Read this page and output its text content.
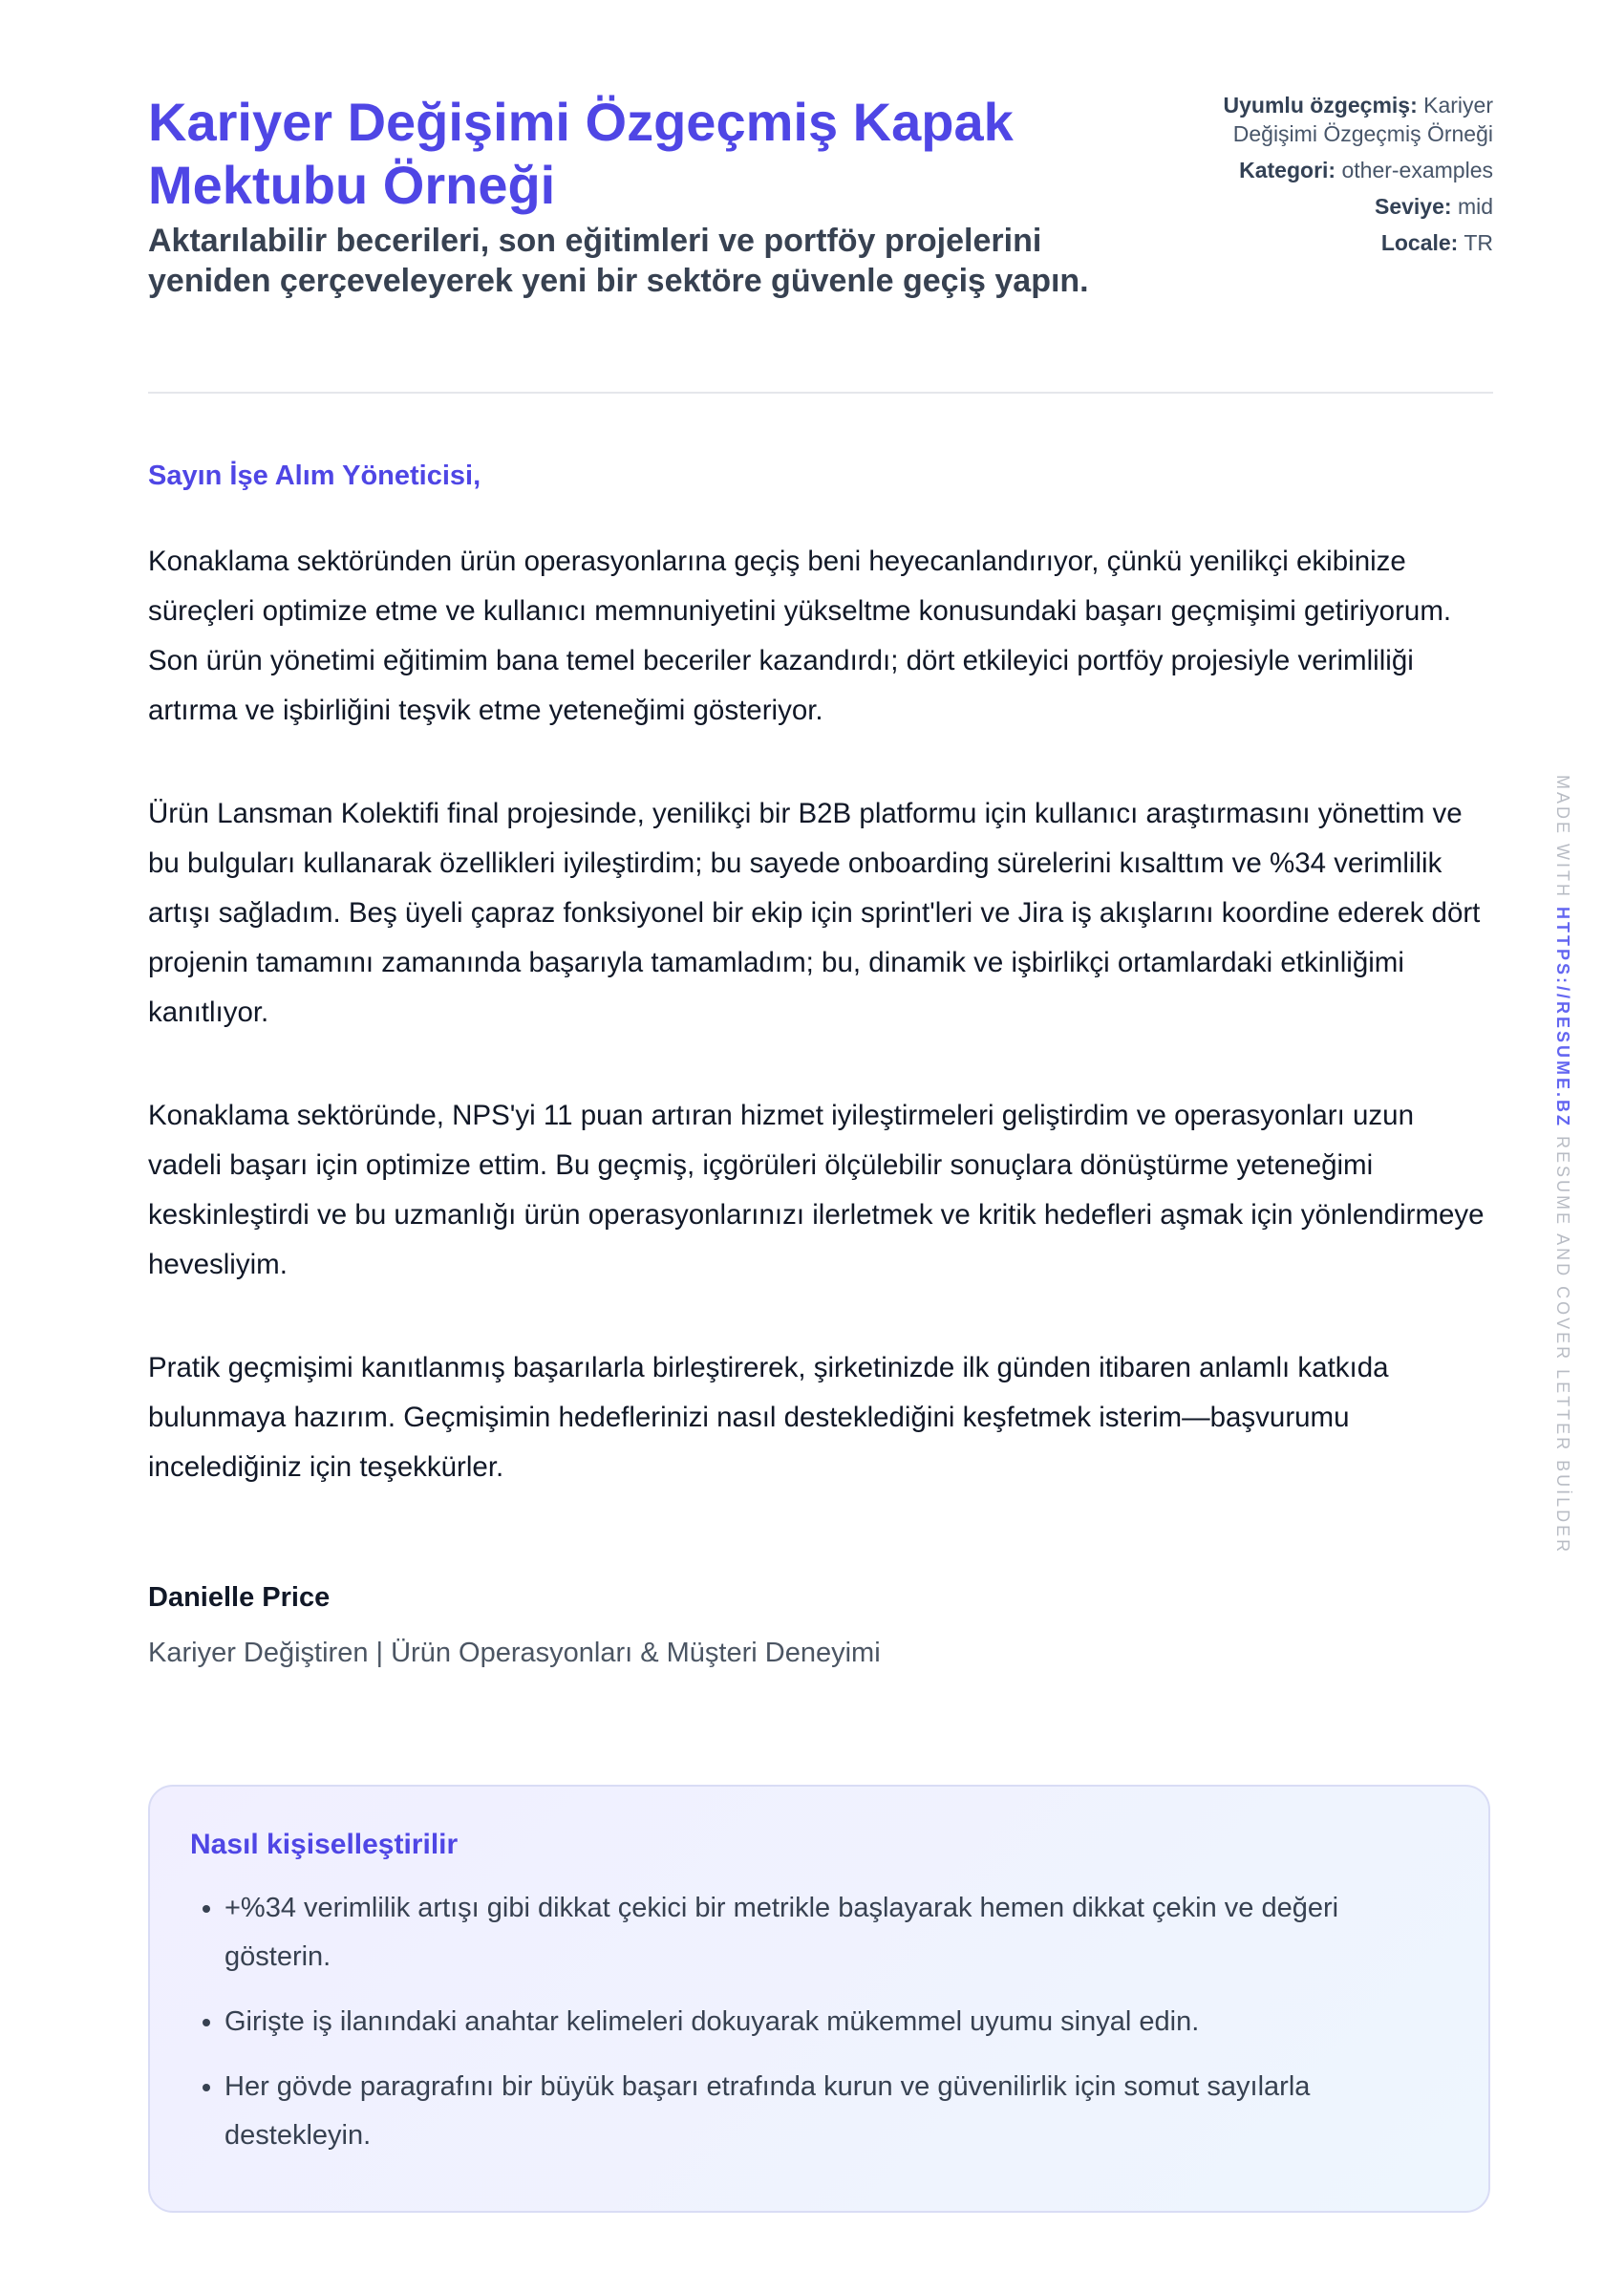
Kariyer Değişimi Özgeçmiş Kapak Mektubu Örneği
Aktarılabilir becerileri, son eğitimleri ve portföy projelerini yeniden çerçeveleyerek yeni bir sektöre güvenle geçiş yapın.
Uyumlu özgeçmiş: Kariyer Değişimi Özgeçmiş Örneği
Kategori: other-examples
Seviye: mid
Locale: TR
Sayın İşe Alım Yöneticisi,

Konaklama sektöründen ürün operasyonlarına geçiş beni heyecanlandırıyor, çünkü yenilikçi ekibinize süreçleri optimize etme ve kullanıcı memnuniyetini yükseltme konusundaki başarı geçmişimi getiriyorum. Son ürün yönetimi eğitimim bana temel beceriler kazandırdı; dört etkileyici portföy projesiyle verimliliği artırma ve işbirliğini teşvik etme yeteneğimi gösteriyor.

Ürün Lansman Kolektifi final projesinde, yenilikçi bir B2B platformu için kullanıcı araştırmasını yönettim ve bu bulguları kullanarak özellikleri iyileştirdim; bu sayede onboarding sürelerini kısalttım ve %34 verimlilik artışı sağladım. Beş üyeli çapraz fonksiyonel bir ekip için sprint'leri ve Jira iş akışlarını koordine ederek dört projenin tamamını zamanında başarıyla tamamladım; bu, dinamik ve işbirlikçi ortamlardaki etkinliğimi kanıtlıyor.

Konaklama sektöründe, NPS'yi 11 puan artıran hizmet iyileştirmeleri geliştirdim ve operasyonları uzun vadeli başarı için optimize ettim. Bu geçmiş, içgörüleri ölçülebilir sonuçlara dönüştürme yeteneğimi keskinleştirdi ve bu uzmanlığı ürün operasyonlarınızı ilerletmek ve kritik hedefleri aşmak için yönlendirmeye hevesliyim.

Pratik geçmişimi kanıtlanmış başarılarla birleştirerek, şirketinizde ilk günden itibaren anlamlı katkıda bulunmaya hazırım. Geçmişimin hedeflerinizi nasıl desteklediğini keşfetmek isterim—başvurumu incelediğiniz için teşekkürler.

Danielle Price
Kariyer Değiştiren | Ürün Operasyonları & Müşteri Deneyimi
Nasıl kişiselleştirilir
• +%34 verimlilik artışı gibi dikkat çekici bir metrikle başlayarak hemen dikkat çekin ve değeri gösterin.
• Girişte iş ilanındaki anahtar kelimeleri dokuyarak mükemmel uyumu sinyal edin.
• Her gövde paragrafını bir büyük başarı etrafında kurun ve güvenilirlik için somut sayılarla destekleyin.
MADE WITH HTTPS://RESUME.BZ RESUME AND COVER LETTER BUİLDER
